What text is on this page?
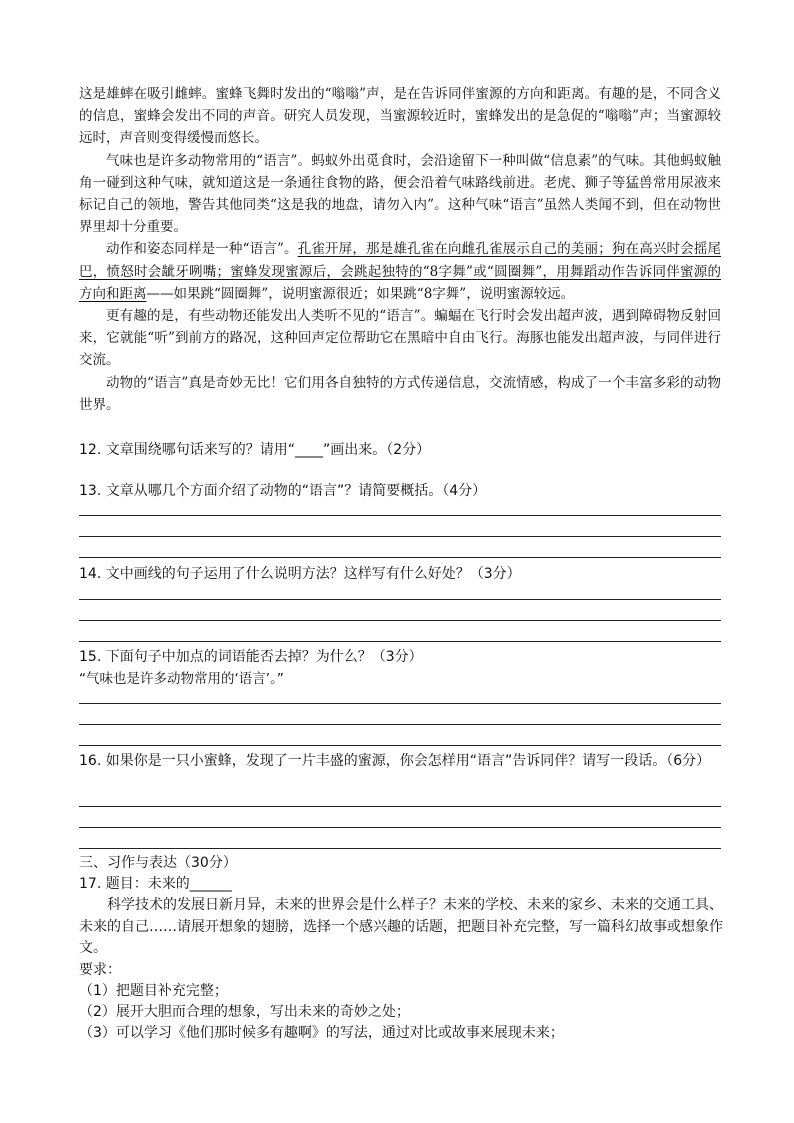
这是雄蟀在吸引雌蟀。蜜蜂飞舞时发出的“嗡嗡”声，是在告诉同伴蜜源的方向和距离。有趣的是，不同含义的信息，蜜蜂会发出不同的声音。研究人员发现，当蜜源较近时，蜜蜂发出的是急促的“嗡嗡”声；当蜜源较远时，声音则变得缓慢而悠长。

气味也是许多动物常用的“语言”。蚂蚁外出觅食时，会沿途留下一种叫做“信息素”的气味。其他蚂蚁触角一碰到这种气味，就知道这是一条通往食物的路，便会沿着气味路线前进。老虎、狮子等猛兽常用尿液来标记自己的领地，警告其他同类“这是我的地盘，请勿入内”。这种气味“语言”虽然人类闻不到，但在动物世界里却十分重要。

动作和姿态同样是一种“语言”。孔雀开屏，那是雄孔雀在向雌孔雀展示自己的美丽；狗在高兴时会摇尾巴，愤怒时会龇牙咧嘴；蜜蜂发现蜜源后，会跳起独特的“8字舞”或“圆圈舞”，用舞蹈动作告诉同伴蜜源的方向和距离——如果跳“圆圈舞”，说明蜜源很近；如果跳“8字舞”，说明蜜源较远。

更有趣的是，有些动物还能发出人类听不见的“语言”。蝙蝠在飞行时会发出超声波，遇到障碍物反射回来，它就能“听”到前方的路况，这种回声定位帮助它在黑暗中自由飞行。海豚也能发出超声波，与同伴进行交流。

动物的“语言”真是奇妙无比！它们用各自独特的方式传递信息，交流情感，构成了一个丰富多彩的动物世界。

12. 文章围绕哪句话来写的？请用“____”画出来。（2分）

13. 文章从哪几个方面介绍了动物的“语言”？请简要概括。（4分）

14. 文中画线的句子运用了什么说明方法？这样写有什么好处？（3分）

15. 下面句子中加点的词语能否去掉？为什么？（3分）

“气味也是许多动物常用的‘语言’。”

16. 如果你是一只小蜜蜂，发现了一片丰盛的蜜源，你会怎样用“语言”告诉同伴？请写一段话。（6分）

三、习作与表达（30分）

17. 题目：未来的______

科学技术的发展日新月异，未来的世界会是什么样子？未来的学校、未来的家乡、未来的交通工具、未来的自己……请展开想象的翅膀，选择一个感兴趣的话题，把题目补充完整，写一篇科幻故事或想象作文。

要求：

（1）把题目补充完整；

（2）展开大胆而合理的想象，写出未来的奇妙之处；

（3）可以学习《他们那时候多有趣啊》的写法，通过对比或故事来展现未来；
